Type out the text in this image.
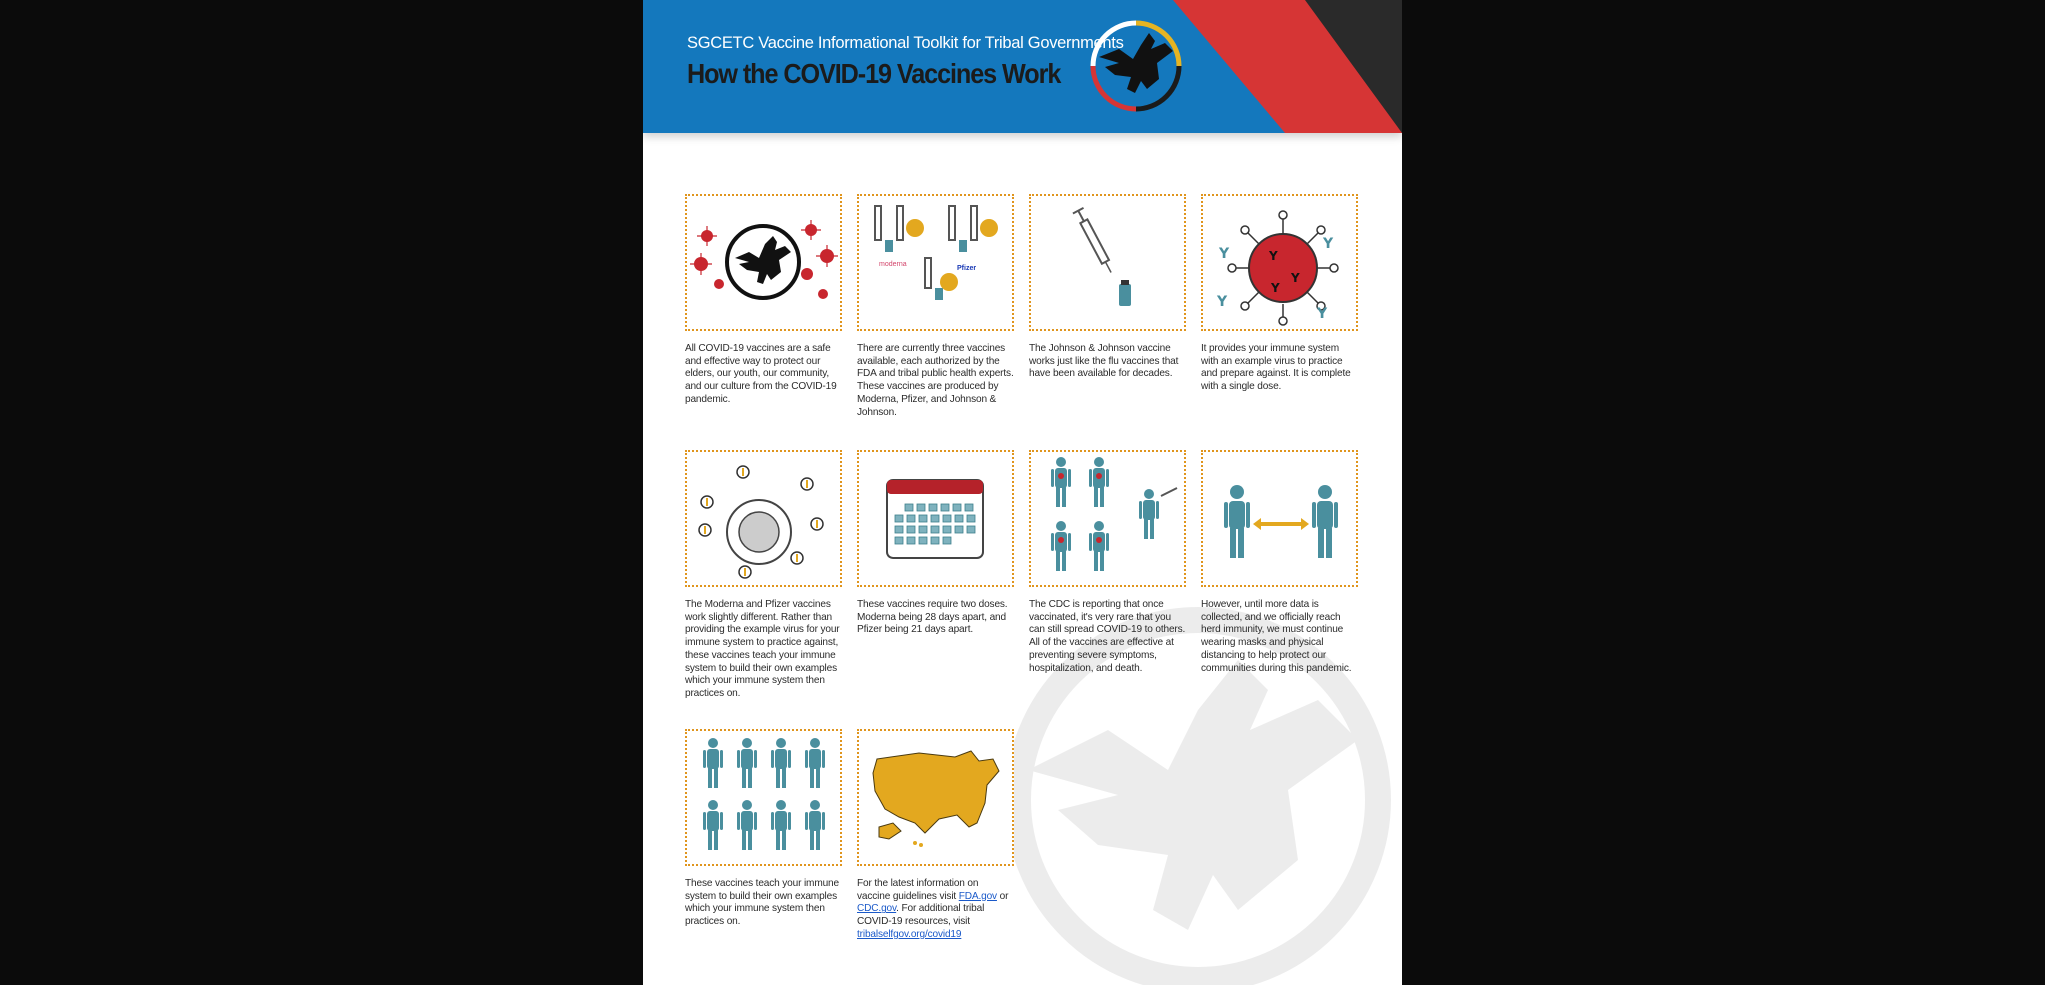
SGCETC Vaccine Informational Toolkit for Tribal Governments
How the COVID-19 Vaccines Work
All COVID-19 vaccines are a safe and effective way to protect our elders, our youth, our community, and our culture from the COVID-19 pandemic.
moderna
Pfizer
There are currently three vaccines available, each authorized by the FDA and tribal public health experts. These vaccines are produced by Moderna, Pfizer, and Johnson & Johnson.
The Johnson & Johnson vaccine works just like the flu vaccines that have been available for decades.
Y
Y
Y
Y
Y
Y
Y
It provides your immune system with an example virus to practice and prepare against. It is complete with a single dose.
The Moderna and Pfizer vaccines work slightly different. Rather than providing the example virus for your immune system to practice against, these vaccines teach your immune system to build their own examples which your immune system then practices on.
These vaccines require two doses. Moderna being 28 days apart, and Pfizer being 21 days apart.
The CDC is reporting that once vaccinated, it's very rare that you can still spread COVID-19 to others. All of the vaccines are effective at preventing severe symptoms, hospitalization, and death.
However, until more data is collected, and we officially reach herd immunity, we must continue wearing masks and physical distancing to help protect our communities during this pandemic.
These vaccines teach your immune system to build their own examples which your immune system then practices on.
For the latest information on vaccine guidelines visit FDA.gov or CDC.gov. For additional tribal COVID-19 resources, visit tribalselfgov.org/covid19
